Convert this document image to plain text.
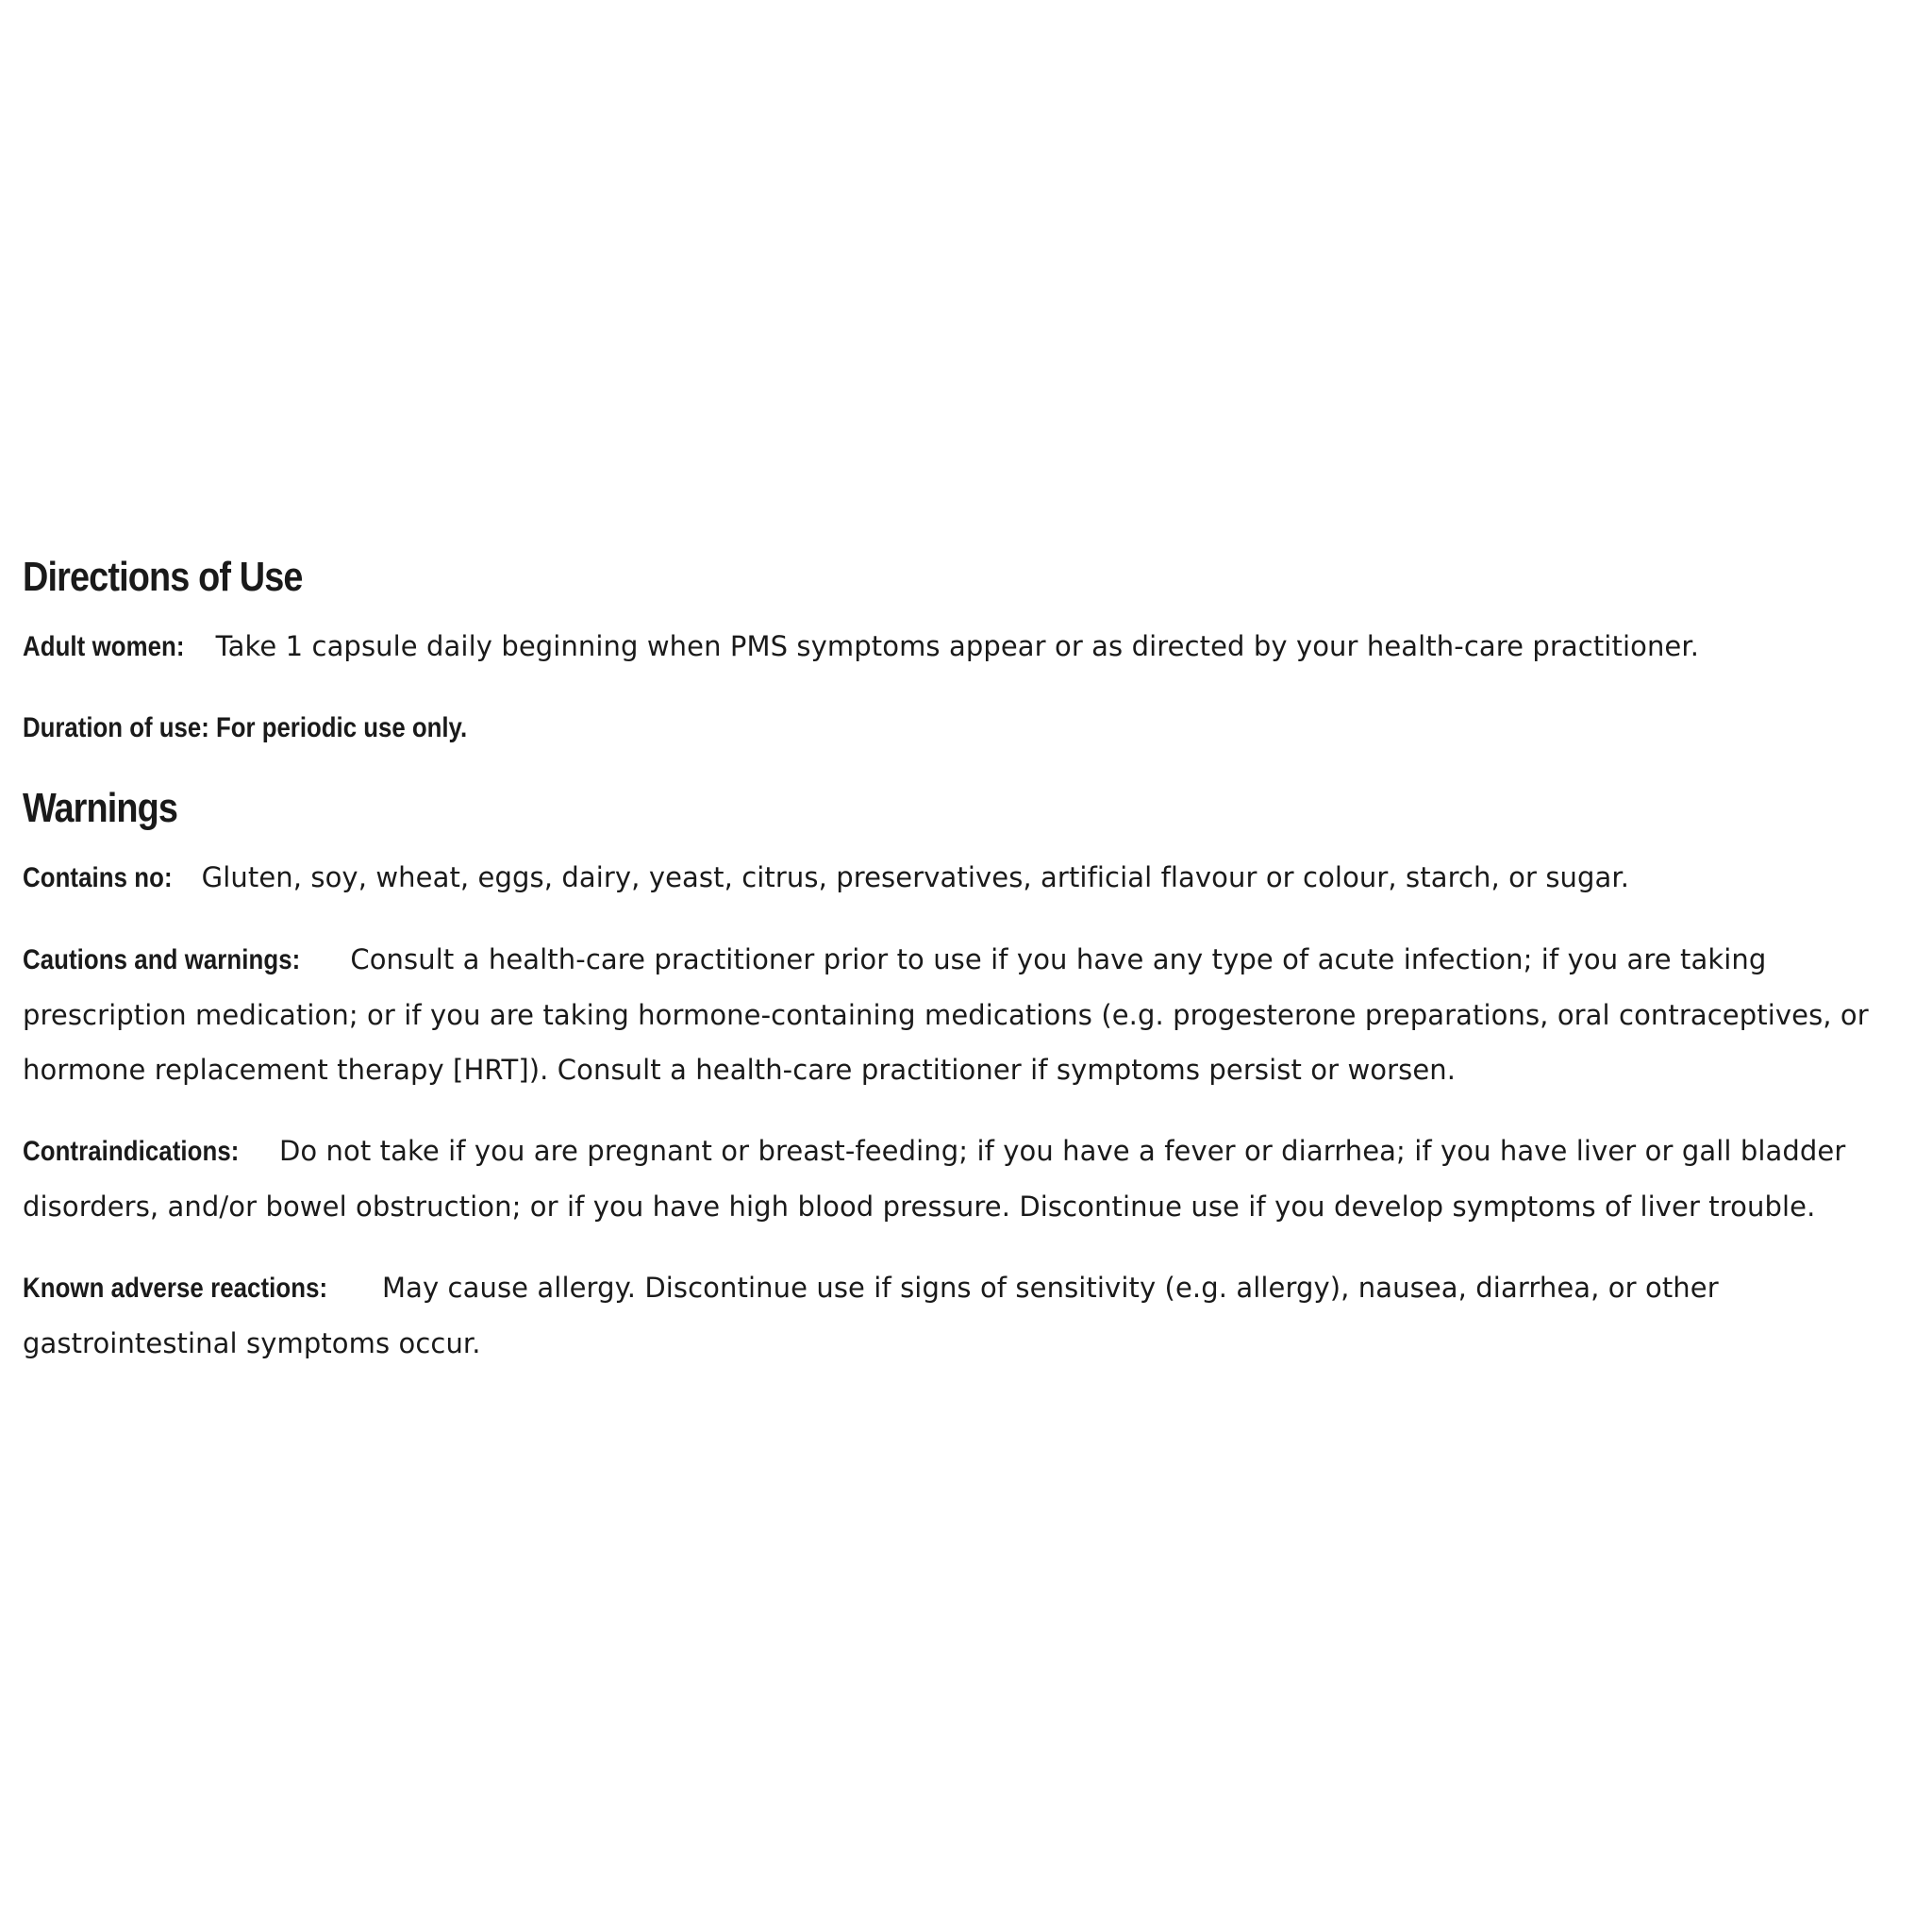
Directions of Use

Adult women: Take 1 capsule daily beginning when PMS symptoms appear or as directed by your health-care practitioner.

Duration of use: For periodic use only.

Warnings

Contains no: Gluten, soy, wheat, eggs, dairy, yeast, citrus, preservatives, artificial flavour or colour, starch, or sugar.

Cautions and warnings: Consult a health-care practitioner prior to use if you have any type of acute infection; if you are taking prescription medication; or if you are taking hormone-containing medications (e.g. progesterone preparations, oral contraceptives, or hormone replacement therapy [HRT]). Consult a health-care practitioner if symptoms persist or worsen.

Contraindications: Do not take if you are pregnant or breast-feeding; if you have a fever or diarrhea; if you have liver or gall bladder disorders, and/or bowel obstruction; or if you have high blood pressure. Discontinue use if you develop symptoms of liver trouble.

Known adverse reactions: May cause allergy. Discontinue use if signs of sensitivity (e.g. allergy), nausea, diarrhea, or other gastrointestinal symptoms occur.
